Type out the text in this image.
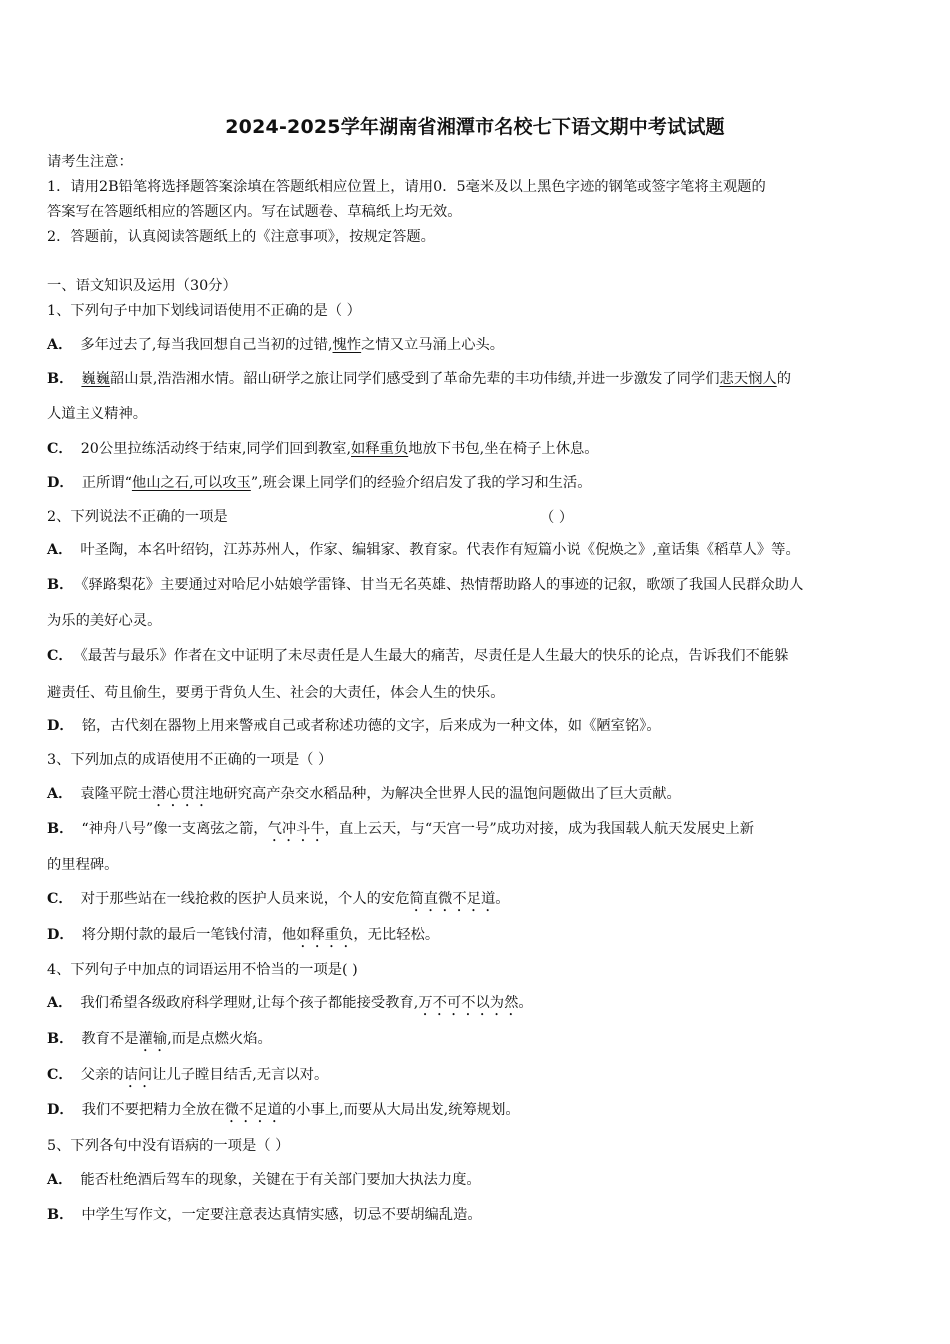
2024-2025学年湖南省湘潭市名校七下语文期中考试试题
请考生注意：
1．请用2B铅笔将选择题答案涂填在答题纸相应位置上，请用0．5毫米及以上黑色字迹的钢笔或签字笔将主观题的
答案写在答题纸相应的答题区内。写在试题卷、草稿纸上均无效。
2．答题前，认真阅读答题纸上的《注意事项》，按规定答题。
一、语文知识及运用（30分）
1、下列句子中加下划线词语使用不正确的是（ ）
A． 多年过去了,每当我回想自己当初的过错,愧怍之情又立马涌上心头。
B． 巍巍韶山景,浩浩湘水情。韶山研学之旅让同学们感受到了革命先辈的丰功伟绩,并进一步激发了同学们悲天悯人的
人道主义精神。
C． 20公里拉练活动终于结束,同学们回到教室,如释重负地放下书包,坐在椅子上休息。
D． 正所谓“他山之石,可以攻玉”,班会课上同学们的经验介绍启发了我的学习和生活。
2、下列说法不正确的一项是	（ ）
A． 叶圣陶，本名叶绍钧，江苏苏州人，作家、编辑家、教育家。代表作有短篇小说《倪焕之》,童话集《稻草人》等。
B． 《驿路梨花》主要通过对哈尼小姑娘学雷锋、甘当无名英雄、热情帮助路人的事迹的记叙，歌颂了我国人民群众助人
为乐的美好心灵。
C． 《最苦与最乐》作者在文中证明了未尽责任是人生最大的痛苦，尽责任是人生最大的快乐的论点，告诉我们不能躲
避责任、苟且偷生，要勇于背负人生、社会的大责任，体会人生的快乐。
D． 铭，古代刻在器物上用来警戒自己或者称述功德的文字，后来成为一种文体，如《陋室铭》。
3、下列加点的成语使用不正确的一项是（ ）
A． 袁隆平院士潜心贯注地研究高产杂交水稻品种，为解决全世界人民的温饱问题做出了巨大贡献。
B． “神舟八号”像一支离弦之箭，气冲斗牛，直上云天，与“天宫一号”成功对接，成为我国载人航天发展史上新
的里程碑。
C． 对于那些站在一线抢救的医护人员来说，个人的安危简直微不足道。
D． 将分期付款的最后一笔钱付清，他如释重负，无比轻松。
4、下列句子中加点的词语运用不恰当的一项是( )
A． 我们希望各级政府科学理财,让每个孩子都能接受教育,万不可不以为然。
B． 教育不是灌输,而是点燃火焰。
C． 父亲的诘问让儿子瞠目结舌,无言以对。
D． 我们不要把精力全放在微不足道的小事上,而要从大局出发,统筹规划。
5、下列各句中没有语病的一项是（ ）
A． 能否杜绝酒后驾车的现象，关键在于有关部门要加大执法力度。
B． 中学生写作文，一定要注意表达真情实感，切忌不要胡编乱造。
